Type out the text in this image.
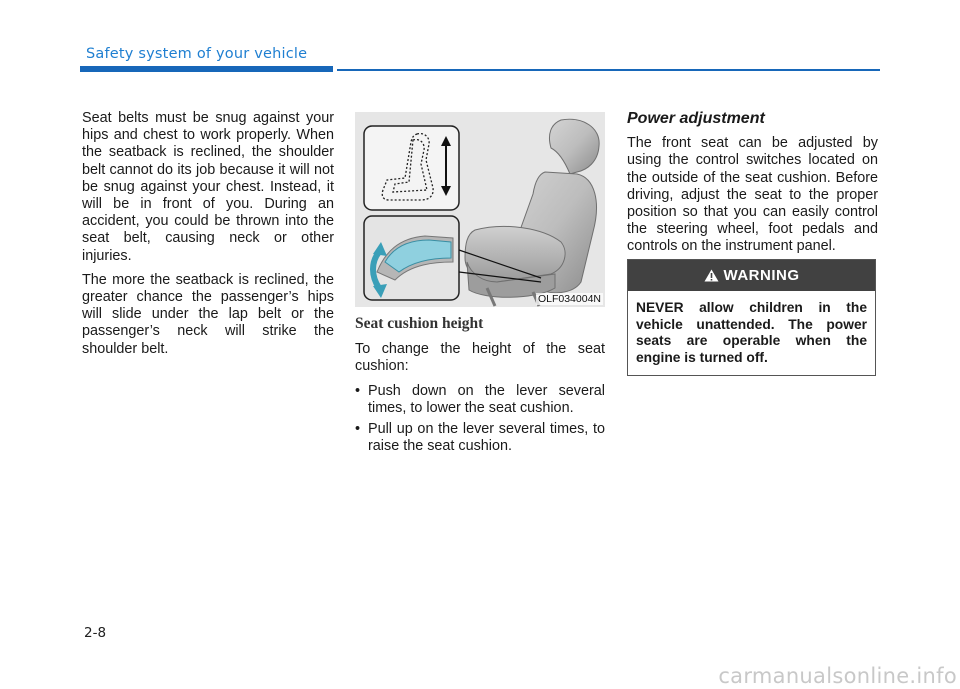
Safety system of your vehicle

Seat belts must be snug against your hips and chest to work properly. When the seatback is reclined, the shoulder belt cannot do its job because it will not be snug against your chest. Instead, it will be in front of you. During an accident, you could be thrown into the seat belt, causing neck or other injuries.

The more the seatback is reclined, the greater chance the passenger’s hips will slide under the lap belt or the passenger’s neck will strike the shoulder belt.

OLF034004N

Seat cushion height

To change the height of the seat cushion:

• Push down on the lever several times, to lower the seat cushion.
• Pull up on the lever several times, to raise the seat cushion.

Power adjustment

The front seat can be adjusted by using the control switches located on the outside of the seat cushion. Before driving, adjust the seat to the proper position so that you can easily control the steering wheel, foot pedals and controls on the instrument panel.

WARNING
NEVER allow children in the vehicle unattended. The power seats are operable when the engine is turned off.
2-8
carmanualsonline.info
